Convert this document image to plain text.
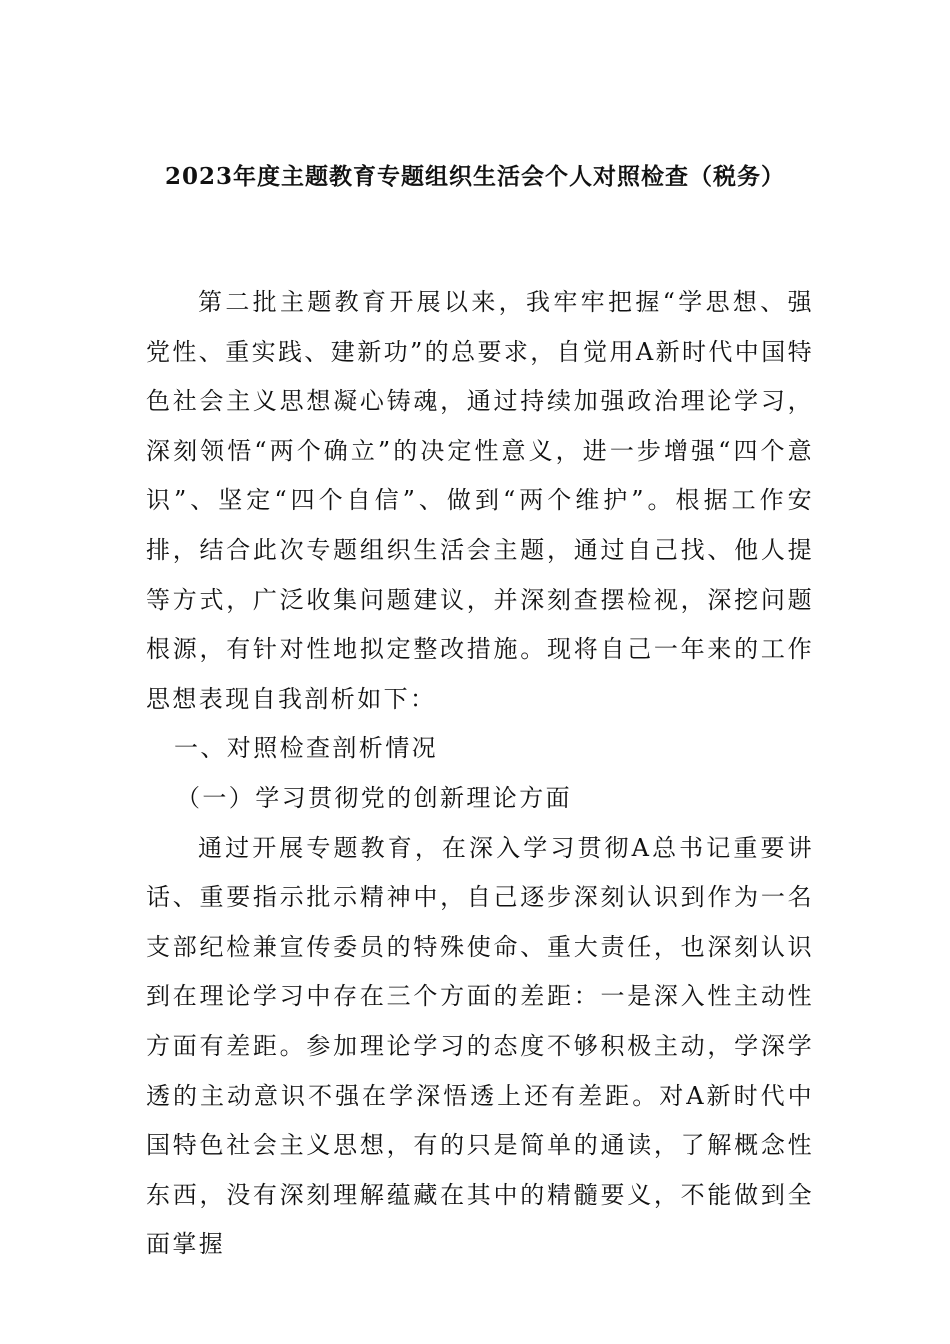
2023年度主题教育专题组织生活会个人对照检查（税务）

第二批主题教育开展以来，我牢牢把握“学思想、强党性、重实践、建新功”的总要求，自觉用A新时代中国特色社会主义思想凝心铸魂，通过持续加强政治理论学习，深刻领悟“两个确立”的决定性意义，进一步增强“四个意识”、坚定“四个自信”、做到“两个维护”。根据工作安排，结合此次专题组织生活会主题，通过自己找、他人提等方式，广泛收集问题建议，并深刻查摆检视，深挖问题根源，有针对性地拟定整改措施。现将自己一年来的工作思想表现自我剖析如下：

一、对照检查剖析情况

（一）学习贯彻党的创新理论方面

通过开展专题教育，在深入学习贯彻A总书记重要讲话、重要指示批示精神中，自己逐步深刻认识到作为一名支部纪检兼宣传委员的特殊使命、重大责任，也深刻认识到在理论学习中存在三个方面的差距：一是深入性主动性方面有差距。参加理论学习的态度不够积极主动，学深学透的主动意识不强在学深悟透上还有差距。对A新时代中国特色社会主义思想，有的只是简单的通读，了解概念性东西，没有深刻理解蕴藏在其中的精髓要义，不能做到全面掌握
